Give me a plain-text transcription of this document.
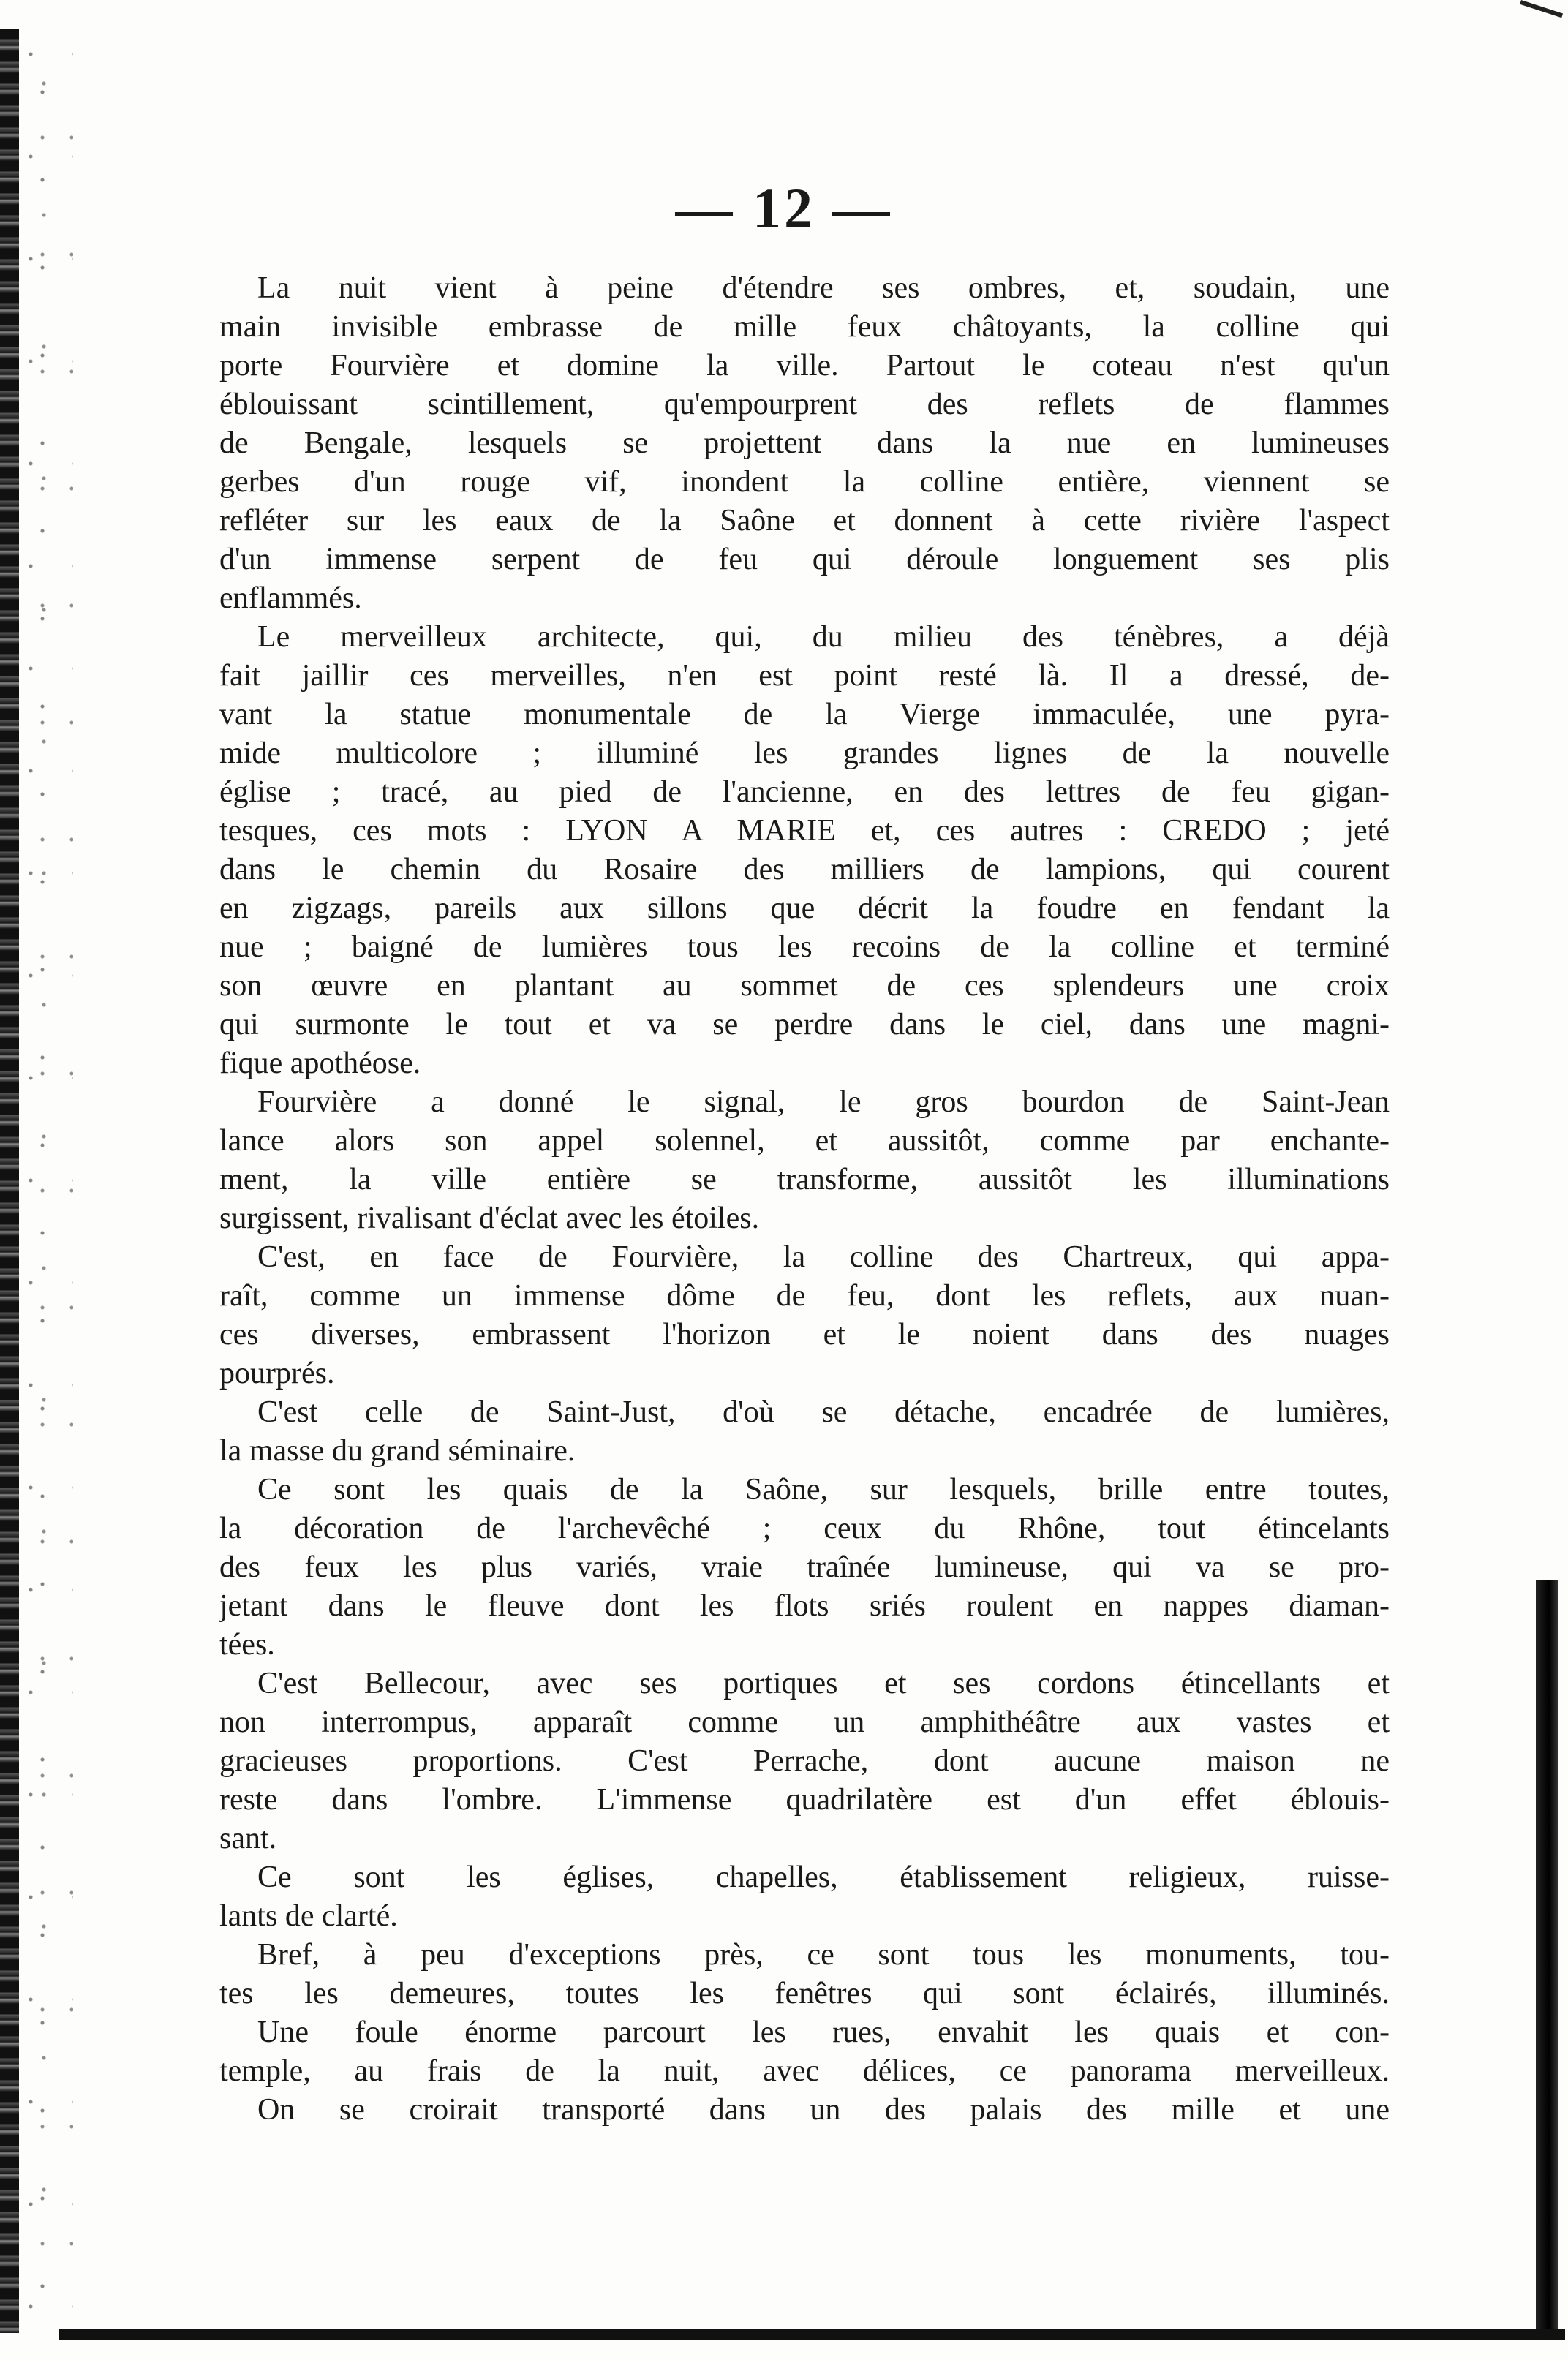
— 12 —
La nuit vient à peine d'étendre ses ombres, et, soudain, une
main invisible embrasse de mille feux châtoyants, la colline qui
porte Fourvière et domine la ville. Partout le coteau n'est qu'un
éblouissant scintillement, qu'empourprent des reflets de flammes
de Bengale, lesquels se projettent dans la nue en lumineuses
gerbes d'un rouge vif, inondent la colline entière, viennent se
refléter sur les eaux de la Saône et donnent à cette rivière l'aspect
d'un immense serpent de feu qui déroule longuement ses plis
enflammés.
Le merveilleux architecte, qui, du milieu des ténèbres, a déjà
fait jaillir ces merveilles, n'en est point resté là. Il a dressé, de-
vant la statue monumentale de la Vierge immaculée, une pyra-
mide multicolore ; illuminé les grandes lignes de la nouvelle
église ; tracé, au pied de l'ancienne, en des lettres de feu gigan-
tesques, ces mots : LYON A MARIE et, ces autres : CREDO ; jeté
dans le chemin du Rosaire des milliers de lampions, qui courent
en zigzags, pareils aux sillons que décrit la foudre en fendant la
nue ; baigné de lumières tous les recoins de la colline et terminé
son œuvre en plantant au sommet de ces splendeurs une croix
qui surmonte le tout et va se perdre dans le ciel, dans une magni-
fique apothéose.
Fourvière a donné le signal, le gros bourdon de Saint-Jean
lance alors son appel solennel, et aussitôt, comme par enchante-
ment, la ville entière se transforme, aussitôt les illuminations
surgissent, rivalisant d'éclat avec les étoiles.
C'est, en face de Fourvière, la colline des Chartreux, qui appa-
raît, comme un immense dôme de feu, dont les reflets, aux nuan-
ces diverses, embrassent l'horizon et le noient dans des nuages
pourprés.
C'est celle de Saint-Just, d'où se détache, encadrée de lumières,
la masse du grand séminaire.
Ce sont les quais de la Saône, sur lesquels, brille entre toutes,
la décoration de l'archevêché ; ceux du Rhône, tout étincelants
des feux les plus variés, vraie traînée lumineuse, qui va se pro-
jetant dans le fleuve dont les flots sriés roulent en nappes diaman-
tées.
C'est Bellecour, avec ses portiques et ses cordons étincellants et
non interrompus, apparaît comme un amphithéâtre aux vastes et
gracieuses proportions. C'est Perrache, dont aucune maison ne
reste dans l'ombre. L'immense quadrilatère est d'un effet éblouis-
sant.
Ce sont les églises, chapelles, établissement religieux, ruisse-
lants de clarté.
Bref, à peu d'exceptions près, ce sont tous les monuments, tou-
tes les demeures, toutes les fenêtres qui sont éclairés, illuminés.
Une foule énorme parcourt les rues, envahit les quais et con-
temple, au frais de la nuit, avec délices, ce panorama merveilleux.
On se croirait transporté dans un des palais des mille et une
